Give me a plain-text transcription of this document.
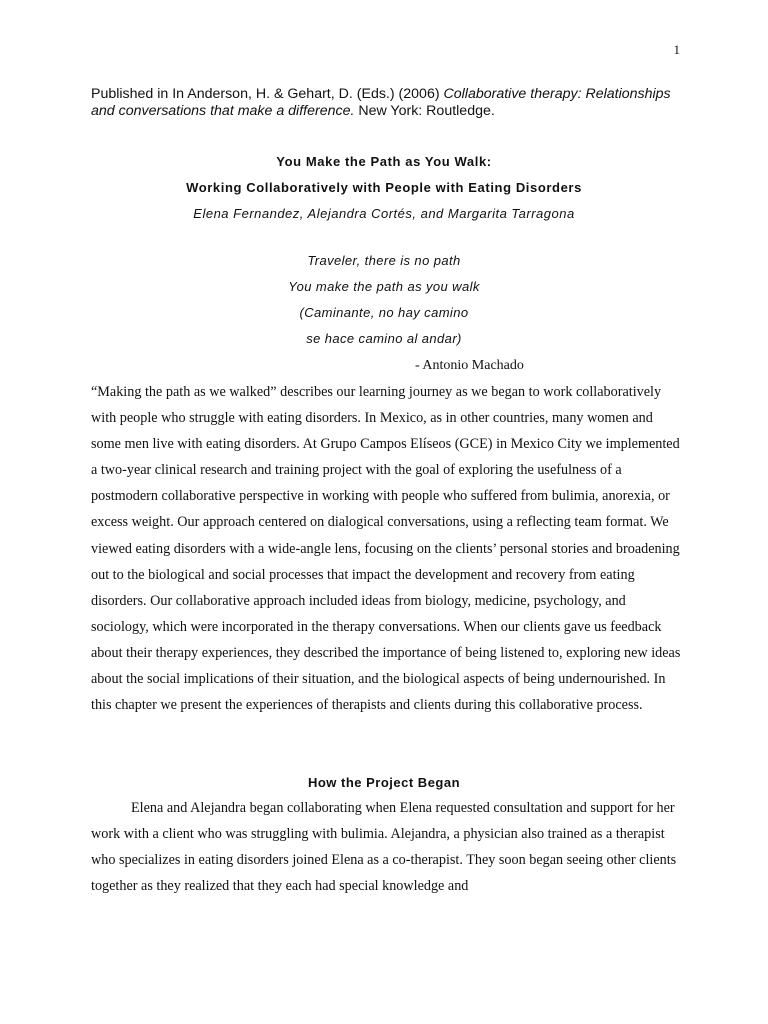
1
Published in In Anderson, H. & Gehart, D. (Eds.) (2006) Collaborative therapy: Relationships and conversations that make a difference. New York: Routledge.
You Make the Path as You Walk:
Working Collaboratively with People with Eating Disorders
Elena Fernandez, Alejandra Cortés, and Margarita Tarragona
Traveler, there is no path
You make the path as you walk
(Caminante, no hay camino
se hace camino al andar)
- Antonio Machado

“Making the path as we walked” describes our learning journey as we began to work collaboratively with people who struggle with eating disorders. In Mexico, as in other countries, many women and some men live with eating disorders. At Grupo Campos Elíseos (GCE) in Mexico City we implemented a two-year clinical research and training project with the goal of exploring the usefulness of a postmodern collaborative perspective in working with people who suffered from bulimia, anorexia, or excess weight. Our approach centered on dialogical conversations, using a reflecting team format. We viewed eating disorders with a wide-angle lens, focusing on the clients’ personal stories and broadening out to the biological and social processes that impact the development and recovery from eating disorders. Our collaborative approach included ideas from biology, medicine, psychology, and sociology, which were incorporated in the therapy conversations. When our clients gave us feedback about their therapy experiences, they described the importance of being listened to, exploring new ideas about the social implications of their situation, and the biological aspects of being undernourished. In this chapter we present the experiences of therapists and clients during this collaborative process.

How the Project Began

Elena and Alejandra began collaborating when Elena requested consultation and support for her work with a client who was struggling with bulimia. Alejandra, a physician also trained as a therapist who specializes in eating disorders joined Elena as a co-therapist. They soon began seeing other clients together as they realized that they each had special knowledge and
